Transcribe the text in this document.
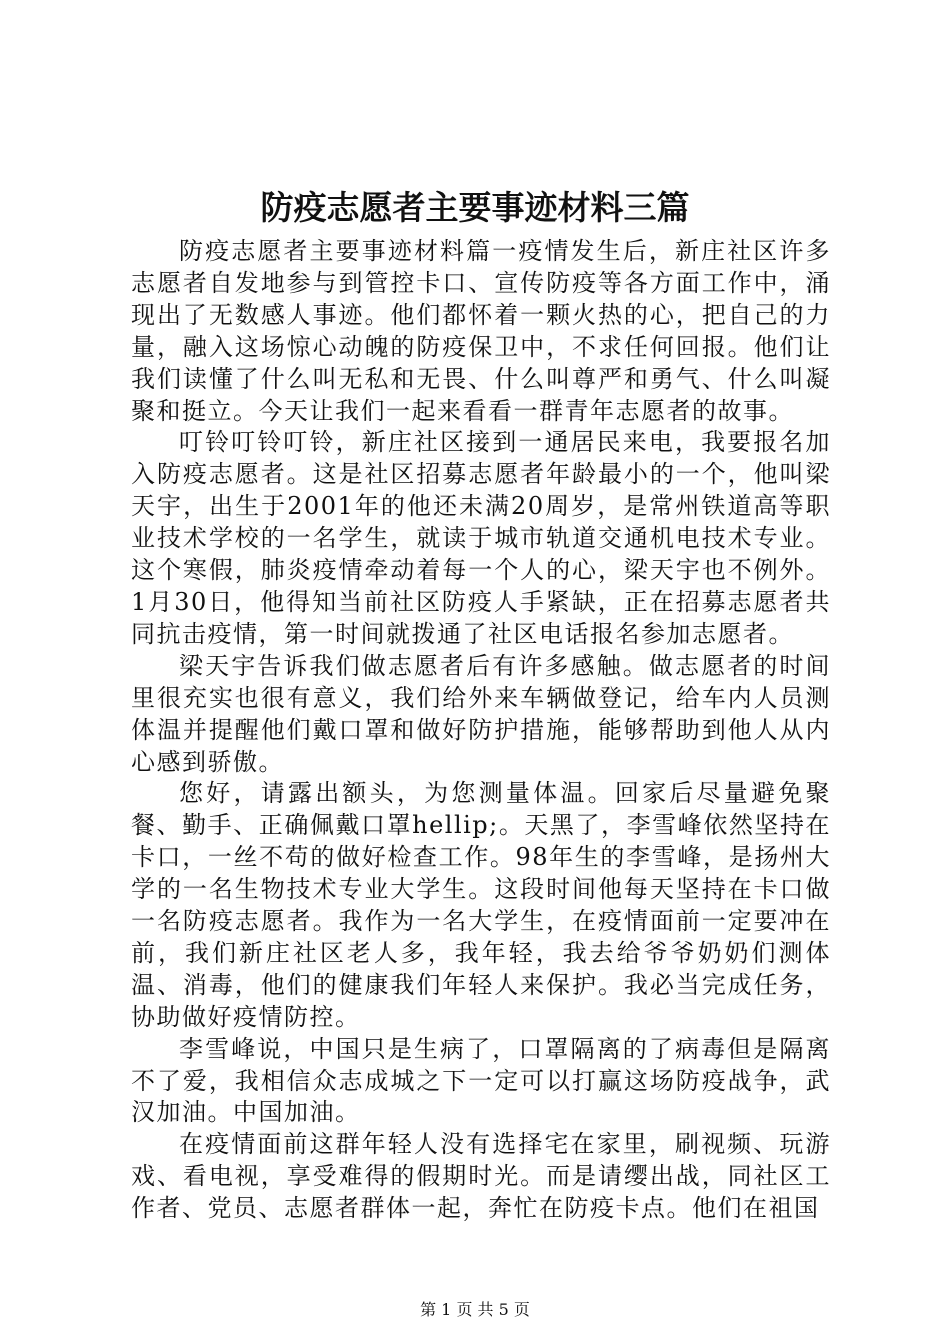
防疫志愿者主要事迹材料三篇

防疫志愿者主要事迹材料篇一疫情发生后，新庄社区许多志愿者自发地参与到管控卡口、宣传防疫等各方面工作中，涌现出了无数感人事迹。他们都怀着一颗火热的心，把自己的力量，融入这场惊心动魄的防疫保卫中，不求任何回报。他们让我们读懂了什么叫无私和无畏、什么叫尊严和勇气、什么叫凝聚和挺立。今天让我们一起来看看一群青年志愿者的故事。

叮铃叮铃叮铃，新庄社区接到一通居民来电，我要报名加入防疫志愿者。这是社区招募志愿者年龄最小的一个，他叫梁天宇，出生于2001年的他还未满20周岁，是常州铁道高等职业技术学校的一名学生，就读于城市轨道交通机电技术专业。这个寒假，肺炎疫情牵动着每一个人的心，梁天宇也不例外。1月30日，他得知当前社区防疫人手紧缺，正在招募志愿者共同抗击疫情，第一时间就拨通了社区电话报名参加志愿者。

梁天宇告诉我们做志愿者后有许多感触。做志愿者的时间里很充实也很有意义，我们给外来车辆做登记，给车内人员测体温并提醒他们戴口罩和做好防护措施，能够帮助到他人从内心感到骄傲。

您好，请露出额头，为您测量体温。回家后尽量避免聚餐、勤手、正确佩戴口罩hellip;。天黑了，李雪峰依然坚持在卡口，一丝不苟的做好检查工作。98年生的李雪峰，是扬州大学的一名生物技术专业大学生。这段时间他每天坚持在卡口做一名防疫志愿者。我作为一名大学生，在疫情面前一定要冲在前，我们新庄社区老人多，我年轻，我去给爷爷奶奶们测体温、消毒，他们的健康我们年轻人来保护。我必当完成任务，协助做好疫情防控。

李雪峰说，中国只是生病了，口罩隔离的了病毒但是隔离不了爱，我相信众志成城之下一定可以打赢这场防疫战争，武汉加油。中国加油。

在疫情面前这群年轻人没有选择宅在家里，刷视频、玩游戏、看电视，享受难得的假期时光。而是请缨出战，同社区工作者、党员、志愿者群体一起，奔忙在防疫卡点。他们在祖国

第 1 页 共 5 页
